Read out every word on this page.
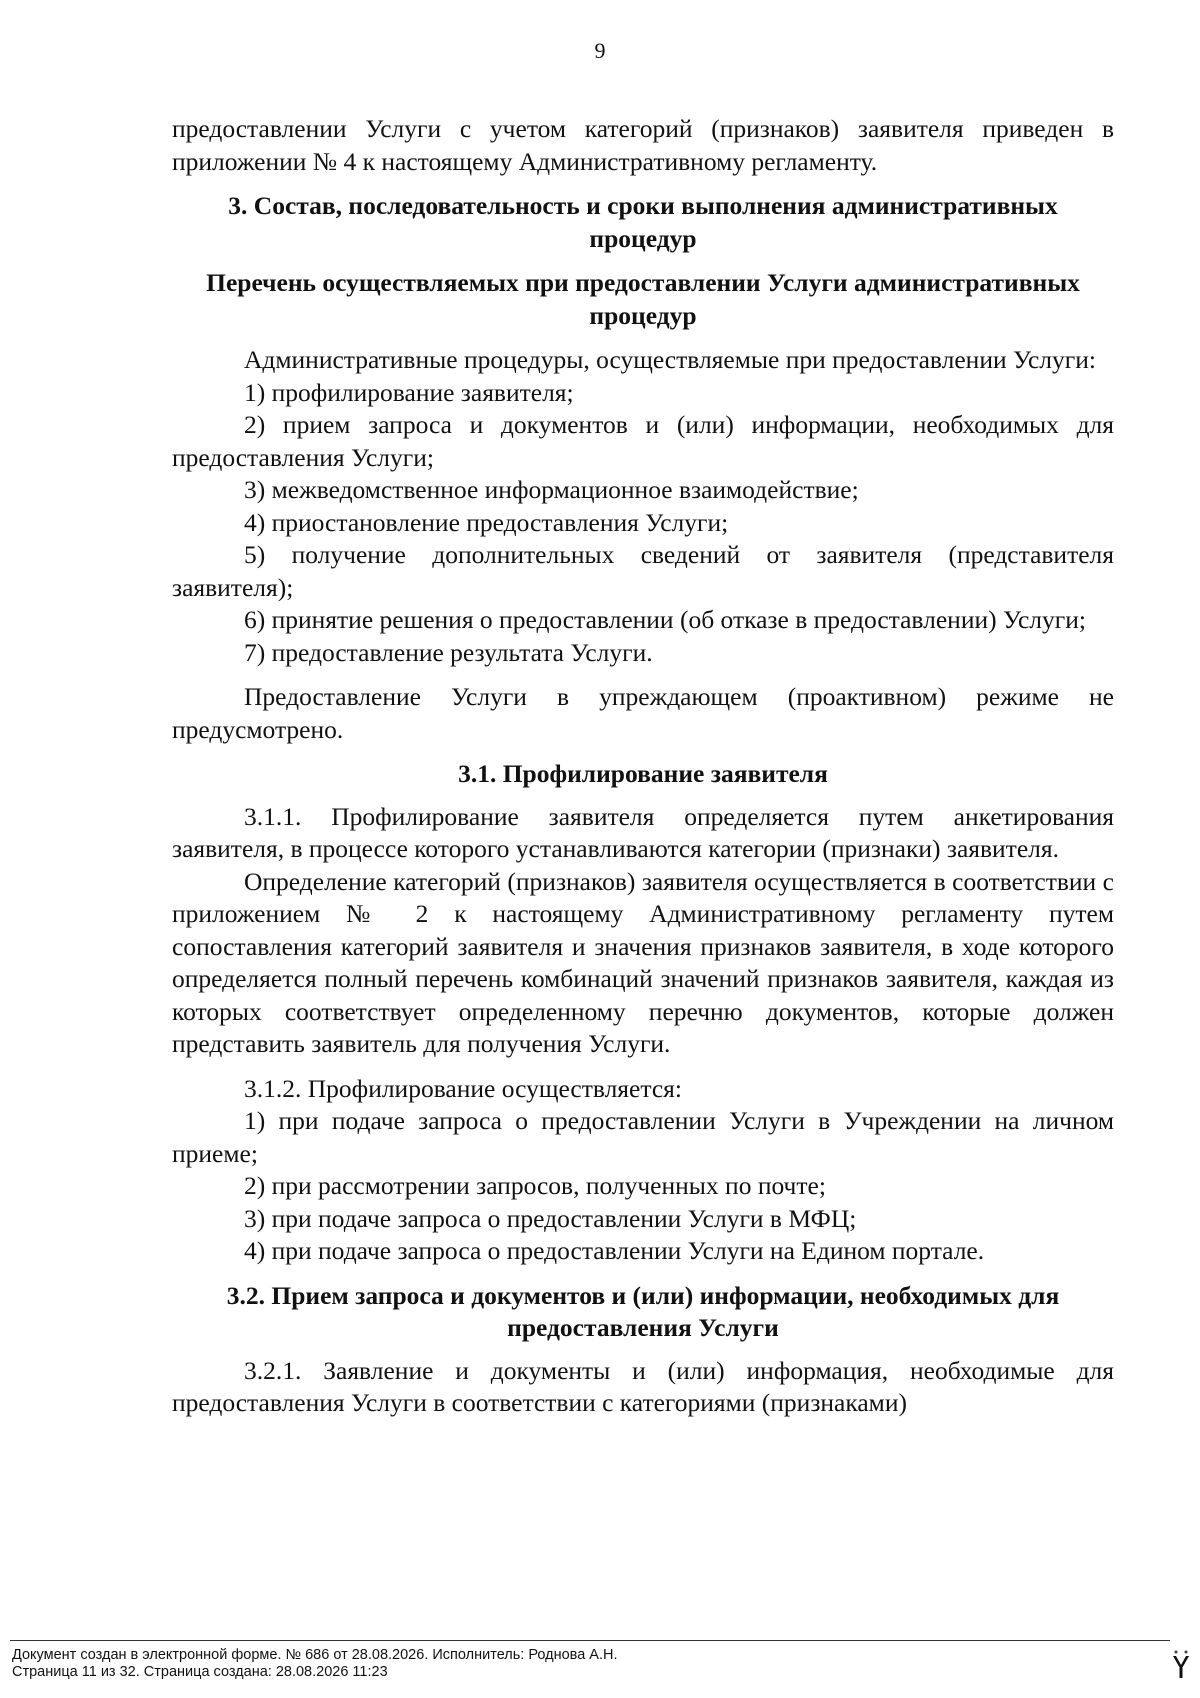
9

предоставлении Услуги с учетом категорий (признаков) заявителя приведен в приложении № 4 к настоящему Административному регламенту.

3. Состав, последовательность и сроки выполнения административных процедур

Перечень осуществляемых при предоставлении Услуги административных процедур

Административные процедуры, осуществляемые при предоставлении Услуги:

1) профилирование заявителя;

2) прием запроса и документов и (или) информации, необходимых для предоставления Услуги;

3) межведомственное информационное взаимодействие;

4) приостановление предоставления Услуги;

5) получение дополнительных сведений от заявителя (представителя заявителя);

6) принятие решения о предоставлении (об отказе в предоставлении) Услуги;

7) предоставление результата Услуги.

Предоставление Услуги в упреждающем (проактивном) режиме не предусмотрено.

3.1. Профилирование заявителя

3.1.1. Профилирование заявителя определяется путем анкетирования заявителя, в процессе которого устанавливаются категории (признаки) заявителя.

Определение категорий (признаков) заявителя осуществляется в соответствии с приложением № 2 к настоящему Административному регламенту путем сопоставления категорий заявителя и значения признаков заявителя, в ходе которого определяется полный перечень комбинаций значений признаков заявителя, каждая из которых соответствует определенному перечню документов, которые должен представить заявитель для получения Услуги.

3.1.2. Профилирование осуществляется:

1) при подаче запроса о предоставлении Услуги в Учреждении на личном приеме;

2) при рассмотрении запросов, полученных по почте;

3) при подаче запроса о предоставлении Услуги в МФЦ;

4) при подаче запроса о предоставлении Услуги на Едином портале.

3.2. Прием запроса и документов и (или) информации, необходимых для предоставления Услуги

3.2.1. Заявление и документы и (или) информация, необходимые для предоставления Услуги в соответствии с категориями (признаками)

Документ создан в электронной форме. № 686 от 28.08.2026. Исполнитель: Роднова А.Н.
Страница 11 из 32. Страница создана: 28.08.2026 11:23
